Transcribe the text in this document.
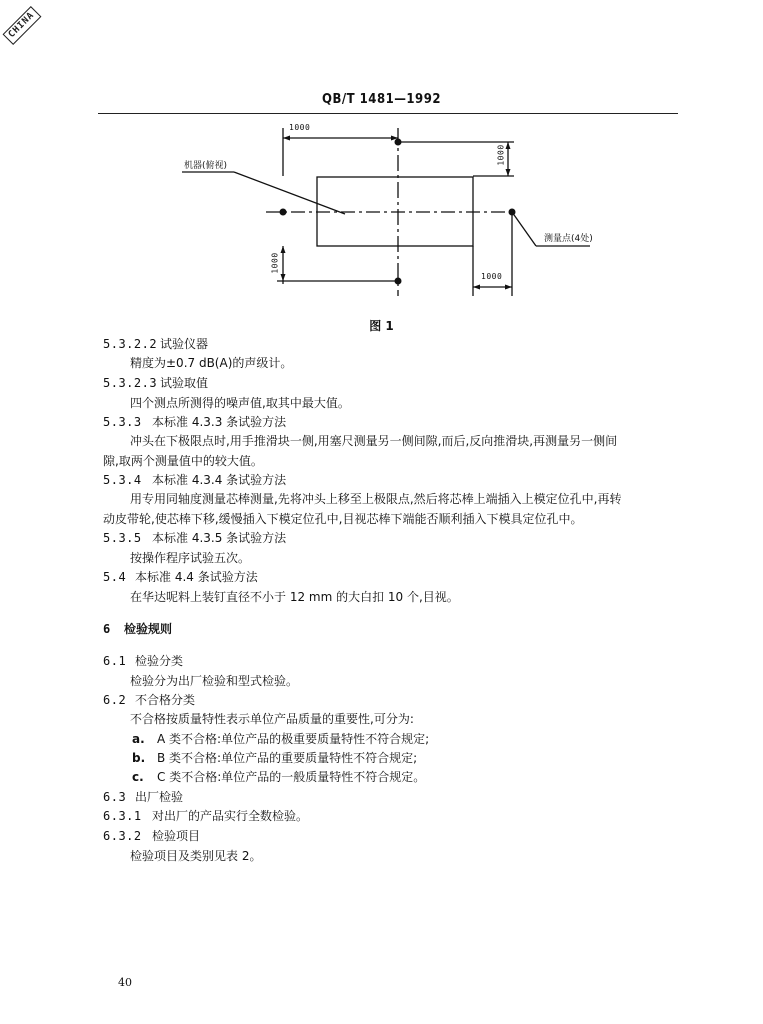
CHINA
QB/T 1481—1992
1000
1000
1000
1000
机器(俯视)
测量点(4处)
图 1
5.3.2.2 试验仪器
精度为±0.7 dB(A)的声级计。
5.3.2.3 试验取值
四个测点所测得的噪声值,取其中最大值。
5.3.3 本标准 4.3.3 条试验方法
冲头在下极限点时,用手推滑块一侧,用塞尺测量另一侧间隙,而后,反向推滑块,再测量另一侧间
隙,取两个测量值中的较大值。
5.3.4 本标准 4.3.4 条试验方法
用专用同轴度测量芯棒测量,先将冲头上移至上极限点,然后将芯棒上端插入上模定位孔中,再转
动皮带轮,使芯棒下移,缓慢插入下模定位孔中,目视芯棒下端能否顺利插入下模具定位孔中。
5.3.5 本标准 4.3.5 条试验方法
按操作程序试验五次。
5.4 本标准 4.4 条试验方法
在华达呢料上装钉直径不小于 12 mm 的大白扣 10 个,目视。
6 检验规则
6.1 检验分类
检验分为出厂检验和型式检验。
6.2 不合格分类
不合格按质量特性表示单位产品质量的重要性,可分为:
a. A 类不合格:单位产品的极重要质量特性不符合规定;
b. B 类不合格:单位产品的重要质量特性不符合规定;
c. C 类不合格:单位产品的一般质量特性不符合规定。
6.3 出厂检验
6.3.1 对出厂的产品实行全数检验。
6.3.2 检验项目
检验项目及类别见表 2。
40
